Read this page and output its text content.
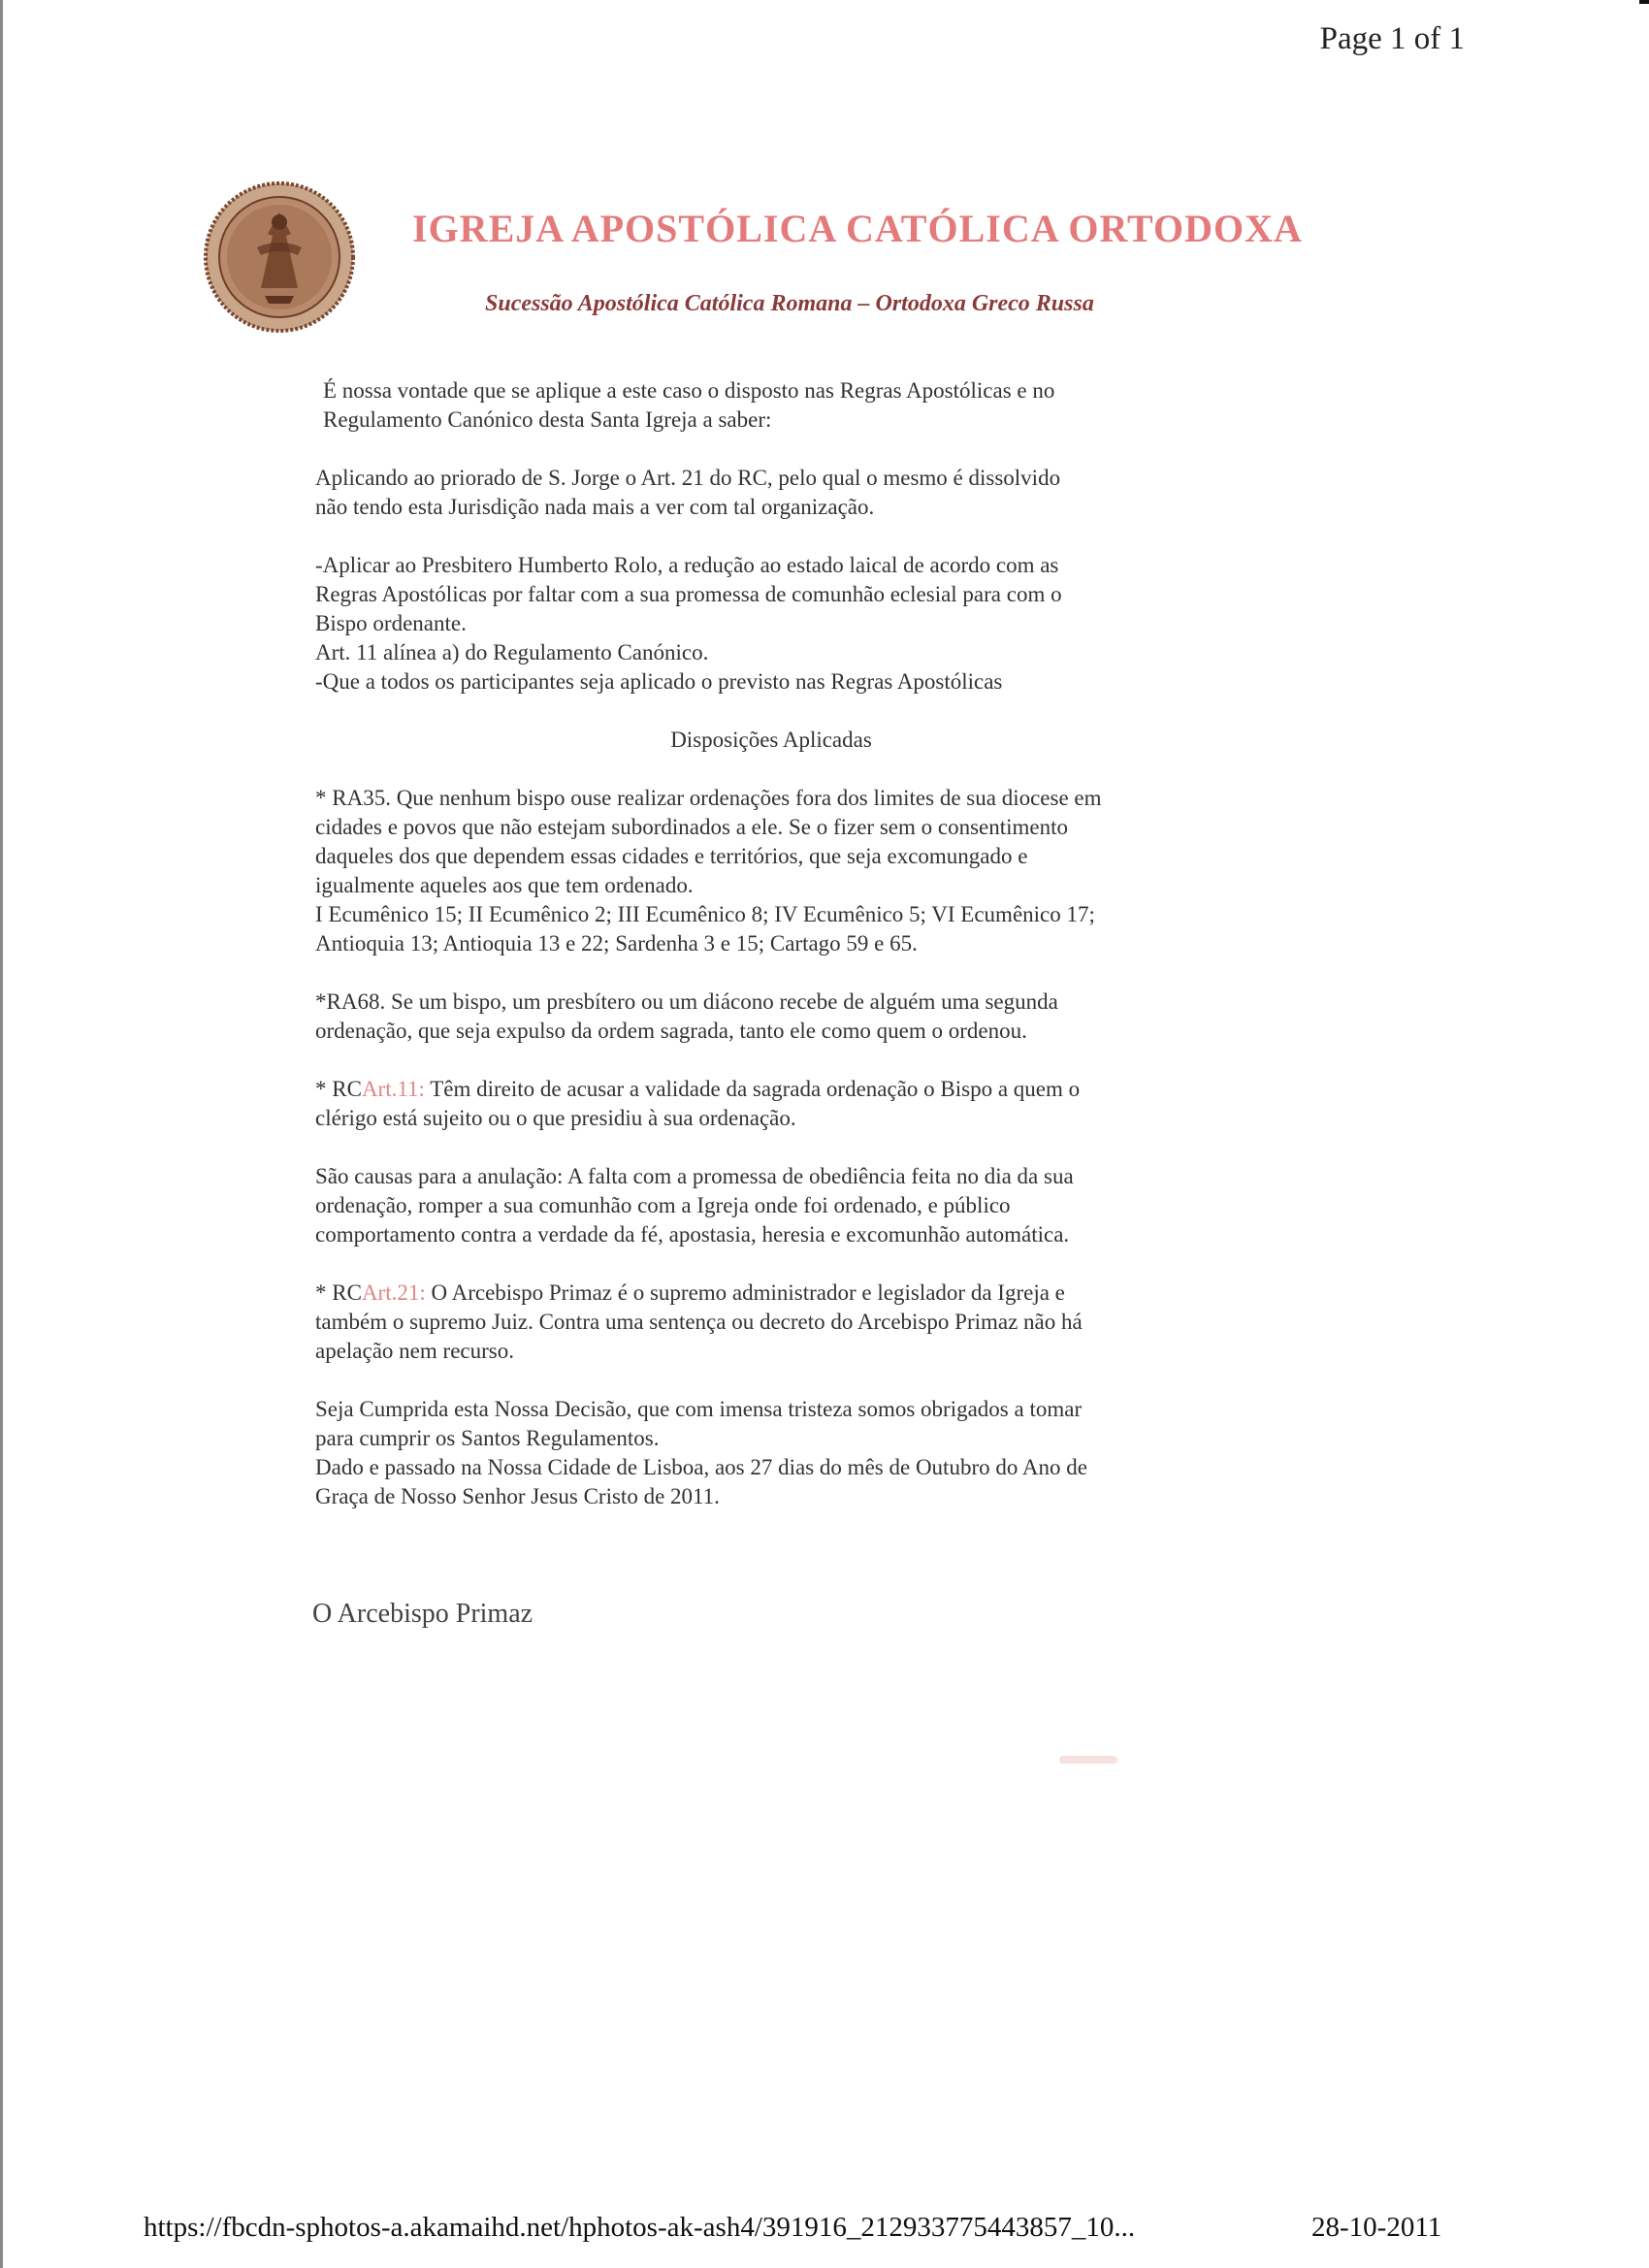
Page 1 of 1
IGREJA APOSTÓLICA CATÓLICA ORTODOXA
Sucessão Apostólica Católica Romana – Ortodoxa Greco Russa

É nossa vontade que se aplique a este caso o disposto nas Regras Apostólicas e no
Regulamento Canónico desta Santa Igreja a saber:

Aplicando ao priorado de S. Jorge o Art. 21 do RC, pelo qual o mesmo é dissolvido
não tendo esta Jurisdição nada mais a ver com tal organização.

-Aplicar ao Presbitero Humberto Rolo, a redução ao estado laical de acordo com as
Regras Apostólicas por faltar com a sua promessa de comunhão eclesial para com o
Bispo ordenante.
Art. 11 alínea a) do Regulamento Canónico.
-Que a todos os participantes seja aplicado o previsto nas Regras Apostólicas

Disposições Aplicadas

* RA35. Que nenhum bispo ouse realizar ordenações fora dos limites de sua diocese em
cidades e povos que não estejam subordinados a ele. Se o fizer sem o consentimento
daqueles dos que dependem essas cidades e territórios, que seja excomungado e
igualmente aqueles aos que tem ordenado.
I Ecumênico 15; II Ecumênico 2; III Ecumênico 8; IV Ecumênico 5; VI Ecumênico 17;
Antioquia 13; Antioquia 13 e 22; Sardenha 3 e 15; Cartago 59 e 65.

*RA68. Se um bispo, um presbítero ou um diácono recebe de alguém uma segunda
ordenação, que seja expulso da ordem sagrada, tanto ele como quem o ordenou.

* RCArt.11: Têm direito de acusar a validade da sagrada ordenação o Bispo a quem o
clérigo está sujeito ou o que presidiu à sua ordenação.

São causas para a anulação: A falta com a promessa de obediência feita no dia da sua
ordenação, romper a sua comunhão com a Igreja onde foi ordenado, e público
comportamento contra a verdade da fé, apostasia, heresia e excomunhão automática.

* RCArt.21: O Arcebispo Primaz é o supremo administrador e legislador da Igreja e
também o supremo Juiz. Contra uma sentença ou decreto do Arcebispo Primaz não há
apelação nem recurso.

Seja Cumprida esta Nossa Decisão, que com imensa tristeza somos obrigados a tomar
para cumprir os Santos Regulamentos.
Dado e passado na Nossa Cidade de Lisboa, aos 27 dias do mês de Outubro do Ano de
Graça de Nosso Senhor Jesus Cristo de 2011.

O Arcebispo Primaz
https://fbcdn-sphotos-a.akamaihd.net/hphotos-ak-ash4/391916_212933775443857_10...	28-10-2011
